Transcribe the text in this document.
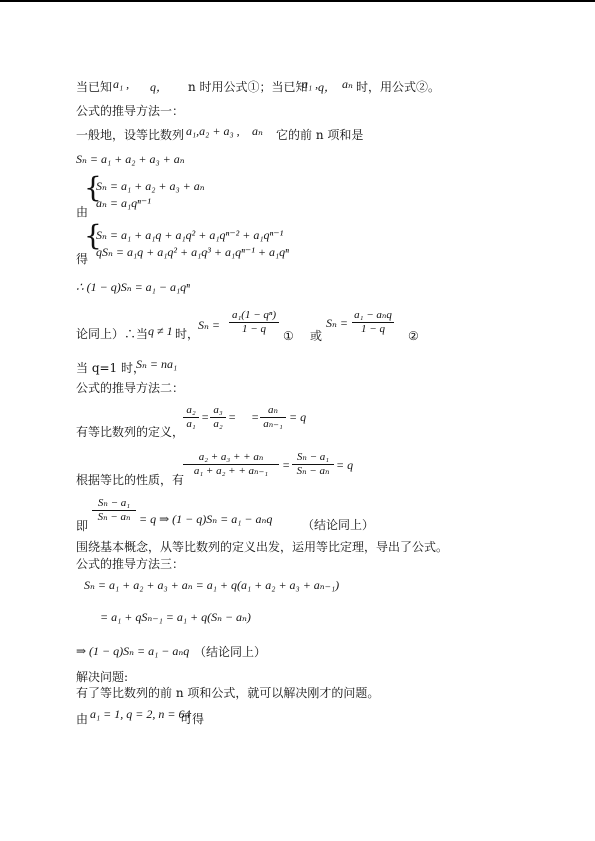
当已知 a₁ , q， n 时用公式①；当已知
a₁ , q， aₙ 时，用公式②。
公式的推导方法一：
一般地，设等比数列 a₁,a₂ + a₃ , aₙ 它的前 n 项和是
Sₙ = a₁ + a₂ + a₃ + aₙ
{
Sₙ = a₁ + a₂ + a₃ + aₙ
aₙ = a₁qⁿ⁻¹
由
{
Sₙ = a₁ + a₁q + a₁q² + a₁qⁿ⁻² + a₁qⁿ⁻¹
qSₙ = a₁q + a₁q² + a₁q³ + a₁qⁿ⁻¹ + a₁qⁿ
得
∴ (1 − q)Sₙ = a₁ − a₁qⁿ
论同上）∴当 q ≠ 1 时，
Sₙ =
a₁(1 − qⁿ)
1 − q	① 或
Sₙ =
a₁ − aₙq
1 − q	②
当 q=1 时，
Sₙ = na₁
公式的推导方法二：
有等比数列的定义，
a₂
a₁ = a₃
a₂ = = aₙ
aₙ₋₁ = q
根据等比的性质，有
a₂ + a₃ + + aₙ
a₁ + a₂ + + aₙ₋₁	=
Sₙ − a₁
Sₙ − aₙ = q
即
Sₙ − a₁
Sₙ − aₙ = q ⇒ (1 − q)Sₙ = a₁ − aₙq （结论同上）
围绕基本概念，从等比数列的定义出发，运用等比定理，导出了公式。
公式的推导方法三：
Sₙ = a₁ + a₂ + a₃ + aₙ = a₁ + q(a₁ + a₂ + a₃ + aₙ₋₁)
= a₁ + qSₙ₋₁ = a₁ + q(Sₙ − aₙ)
⇒ (1 − q)Sₙ = a₁ − aₙq （结论同上）
解决问题:
有了等比数列的前 n 项和公式，就可以解决刚才的问题。
由 a₁ = 1, q = 2, n = 64
可得
